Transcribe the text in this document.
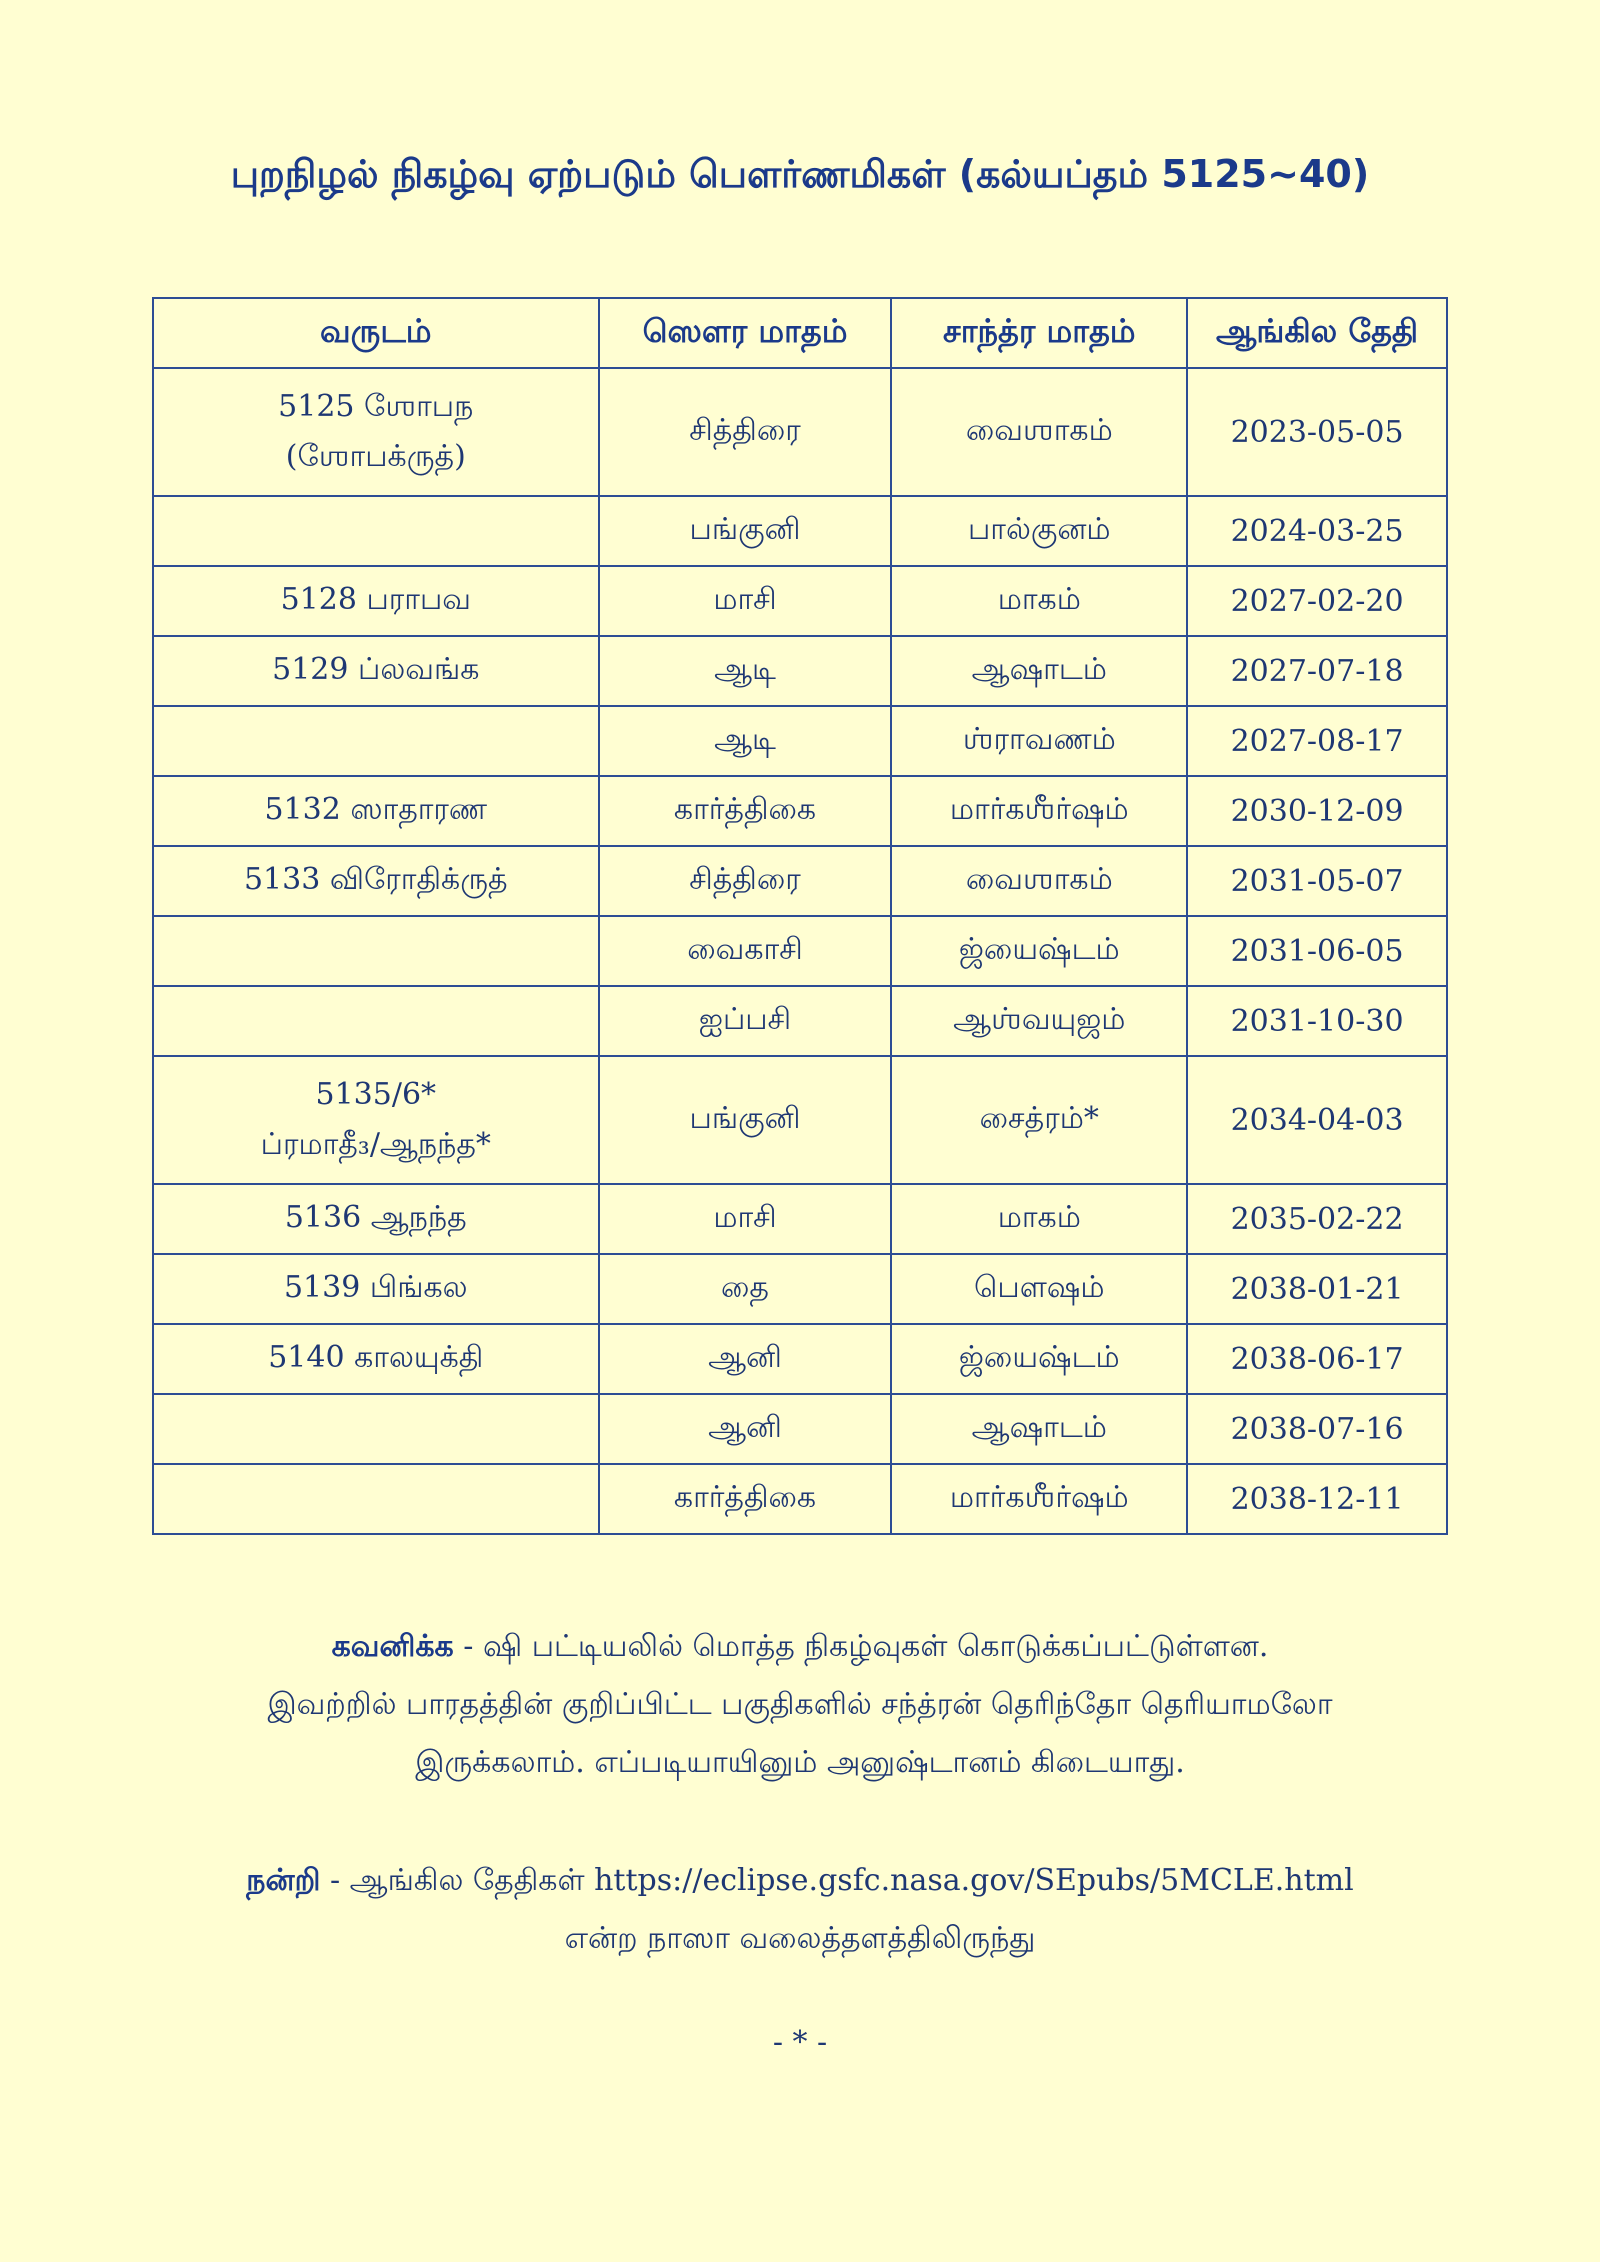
புறநிழல் நிகழ்வு ஏற்படும் பௌர்ணமிகள் (கல்யப்தம் 5125~40)
வருடம்	ஸௌர மாதம்	சாந்த்ர மாதம்	ஆங்கில தேதி

5125 ஶோபந
(ஶோபக்ருத்)	சித்திரை	வைஶாகம்	2023-05-05

	பங்குனி	பால்குனம்	2024-03-25

5128 பராபவ	மாசி	மாகம்	2027-02-20

5129 ப்லவங்க	ஆடி	ஆஷாடம்	2027-07-18

	ஆடி	ஶ்ராவணம்	2027-08-17

5132 ஸாதாரண	கார்த்திகை	மார்கஶீர்ஷம்	2030-12-09

5133 விரோதிக்ருத்	சித்திரை	வைஶாகம்	2031-05-07

	வைகாசி	ஜ்யைஷ்டம்	2031-06-05

	ஐப்பசி	ஆஶ்வயுஜம்	2031-10-30

5135/6*
ப்ரமாதீ₃/ஆநந்த*	பங்குனி	சைத்ரம்*	2034-04-03

5136 ஆநந்த	மாசி	மாகம்	2035-02-22

5139 பிங்கல	தை	பௌஷம்	2038-01-21

5140 காலயுக்தி	ஆனி	ஜ்யைஷ்டம்	2038-06-17

	ஆனி	ஆஷாடம்	2038-07-16

	கார்த்திகை	மார்கஶீர்ஷம்	2038-12-11
கவனிக்க - ஷி பட்டியலில் மொத்த நிகழ்வுகள் கொடுக்கப்பட்டுள்ளன.
இவற்றில் பாரதத்தின் குறிப்பிட்ட பகுதிகளில் சந்த்ரன் தெரிந்தோ தெரியாமலோ
இருக்கலாம். எப்படியாயினும் அனுஷ்டானம் கிடையாது.
நன்றி - ஆங்கில தேதிகள் https://eclipse.gsfc.nasa.gov/SEpubs/5MCLE.html
என்ற நாஸா வலைத்தளத்திலிருந்து
- * -
